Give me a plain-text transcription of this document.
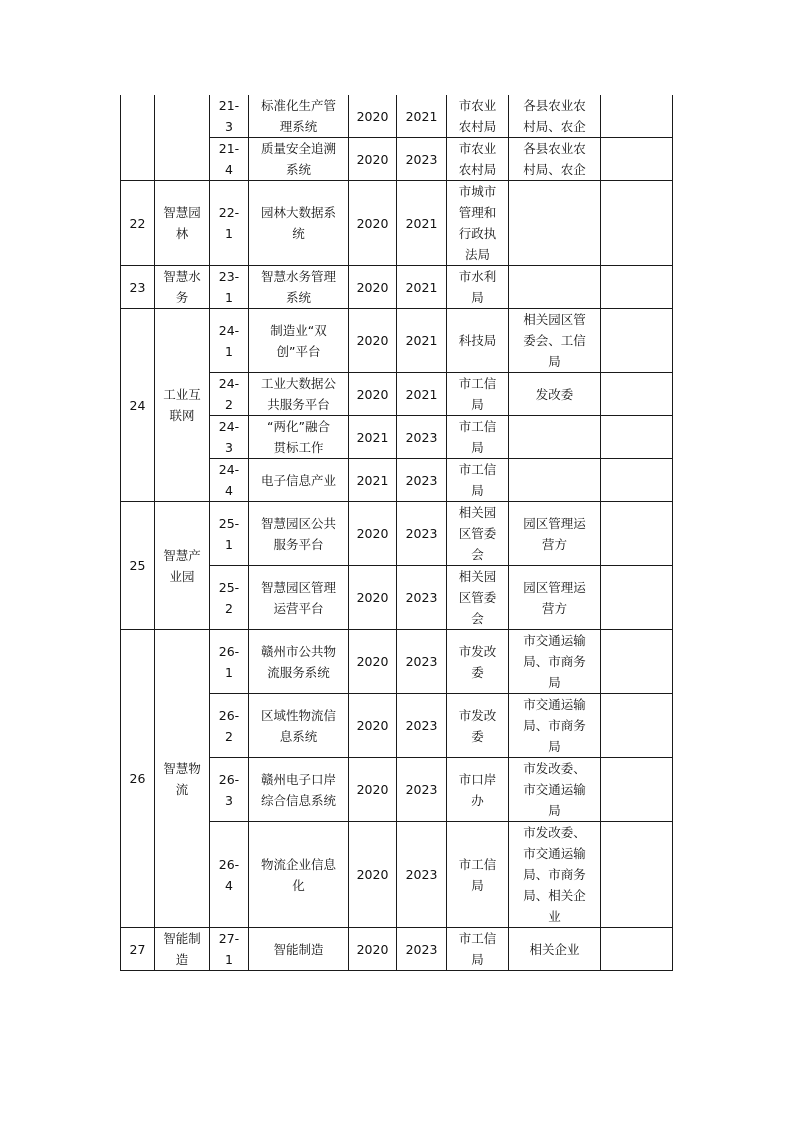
		21-
3	标准化生产管
理系统	2020	2021	市农业
农村局	各县农业农
村局、农企	

		21-
4	质量安全追溯
系统	2020	2023	市农业
农村局	各县农业农
村局、农企	

22	智慧园
林	22-
1	园林大数据系
统	2020	2021	市城市
管理和
行政执
法局		

23	智慧水
务	23-
1	智慧水务管理
系统	2020	2021	市水利
局		

24	工业互
联网	24-
1	制造业“双
创”平台	2020	2021	科技局	相关园区管
委会、工信
局	

		24-
2	工业大数据公
共服务平台	2020	2021	市工信
局	发改委	

		24-
3	“两化”融合
贯标工作	2021	2023	市工信
局		

		24-
4	电子信息产业	2021	2023	市工信
局		

25	智慧产
业园	25-
1	智慧园区公共
服务平台	2020	2023	相关园
区管委
会	园区管理运
营方	

		25-
2	智慧园区管理
运营平台	2020	2023	相关园
区管委
会	园区管理运
营方	

26	智慧物
流	26-
1	赣州市公共物
流服务系统	2020	2023	市发改
委	市交通运输
局、市商务
局	

		26-
2	区域性物流信
息系统	2020	2023	市发改
委	市交通运输
局、市商务
局	

		26-
3	赣州电子口岸
综合信息系统	2020	2023	市口岸
办	市发改委、
市交通运输
局	

		26-
4	物流企业信息
化	2020	2023	市工信
局	市发改委、
市交通运输
局、市商务
局、相关企
业	

27	智能制
造	27-
1	智能制造	2020	2023	市工信
局	相关企业	
